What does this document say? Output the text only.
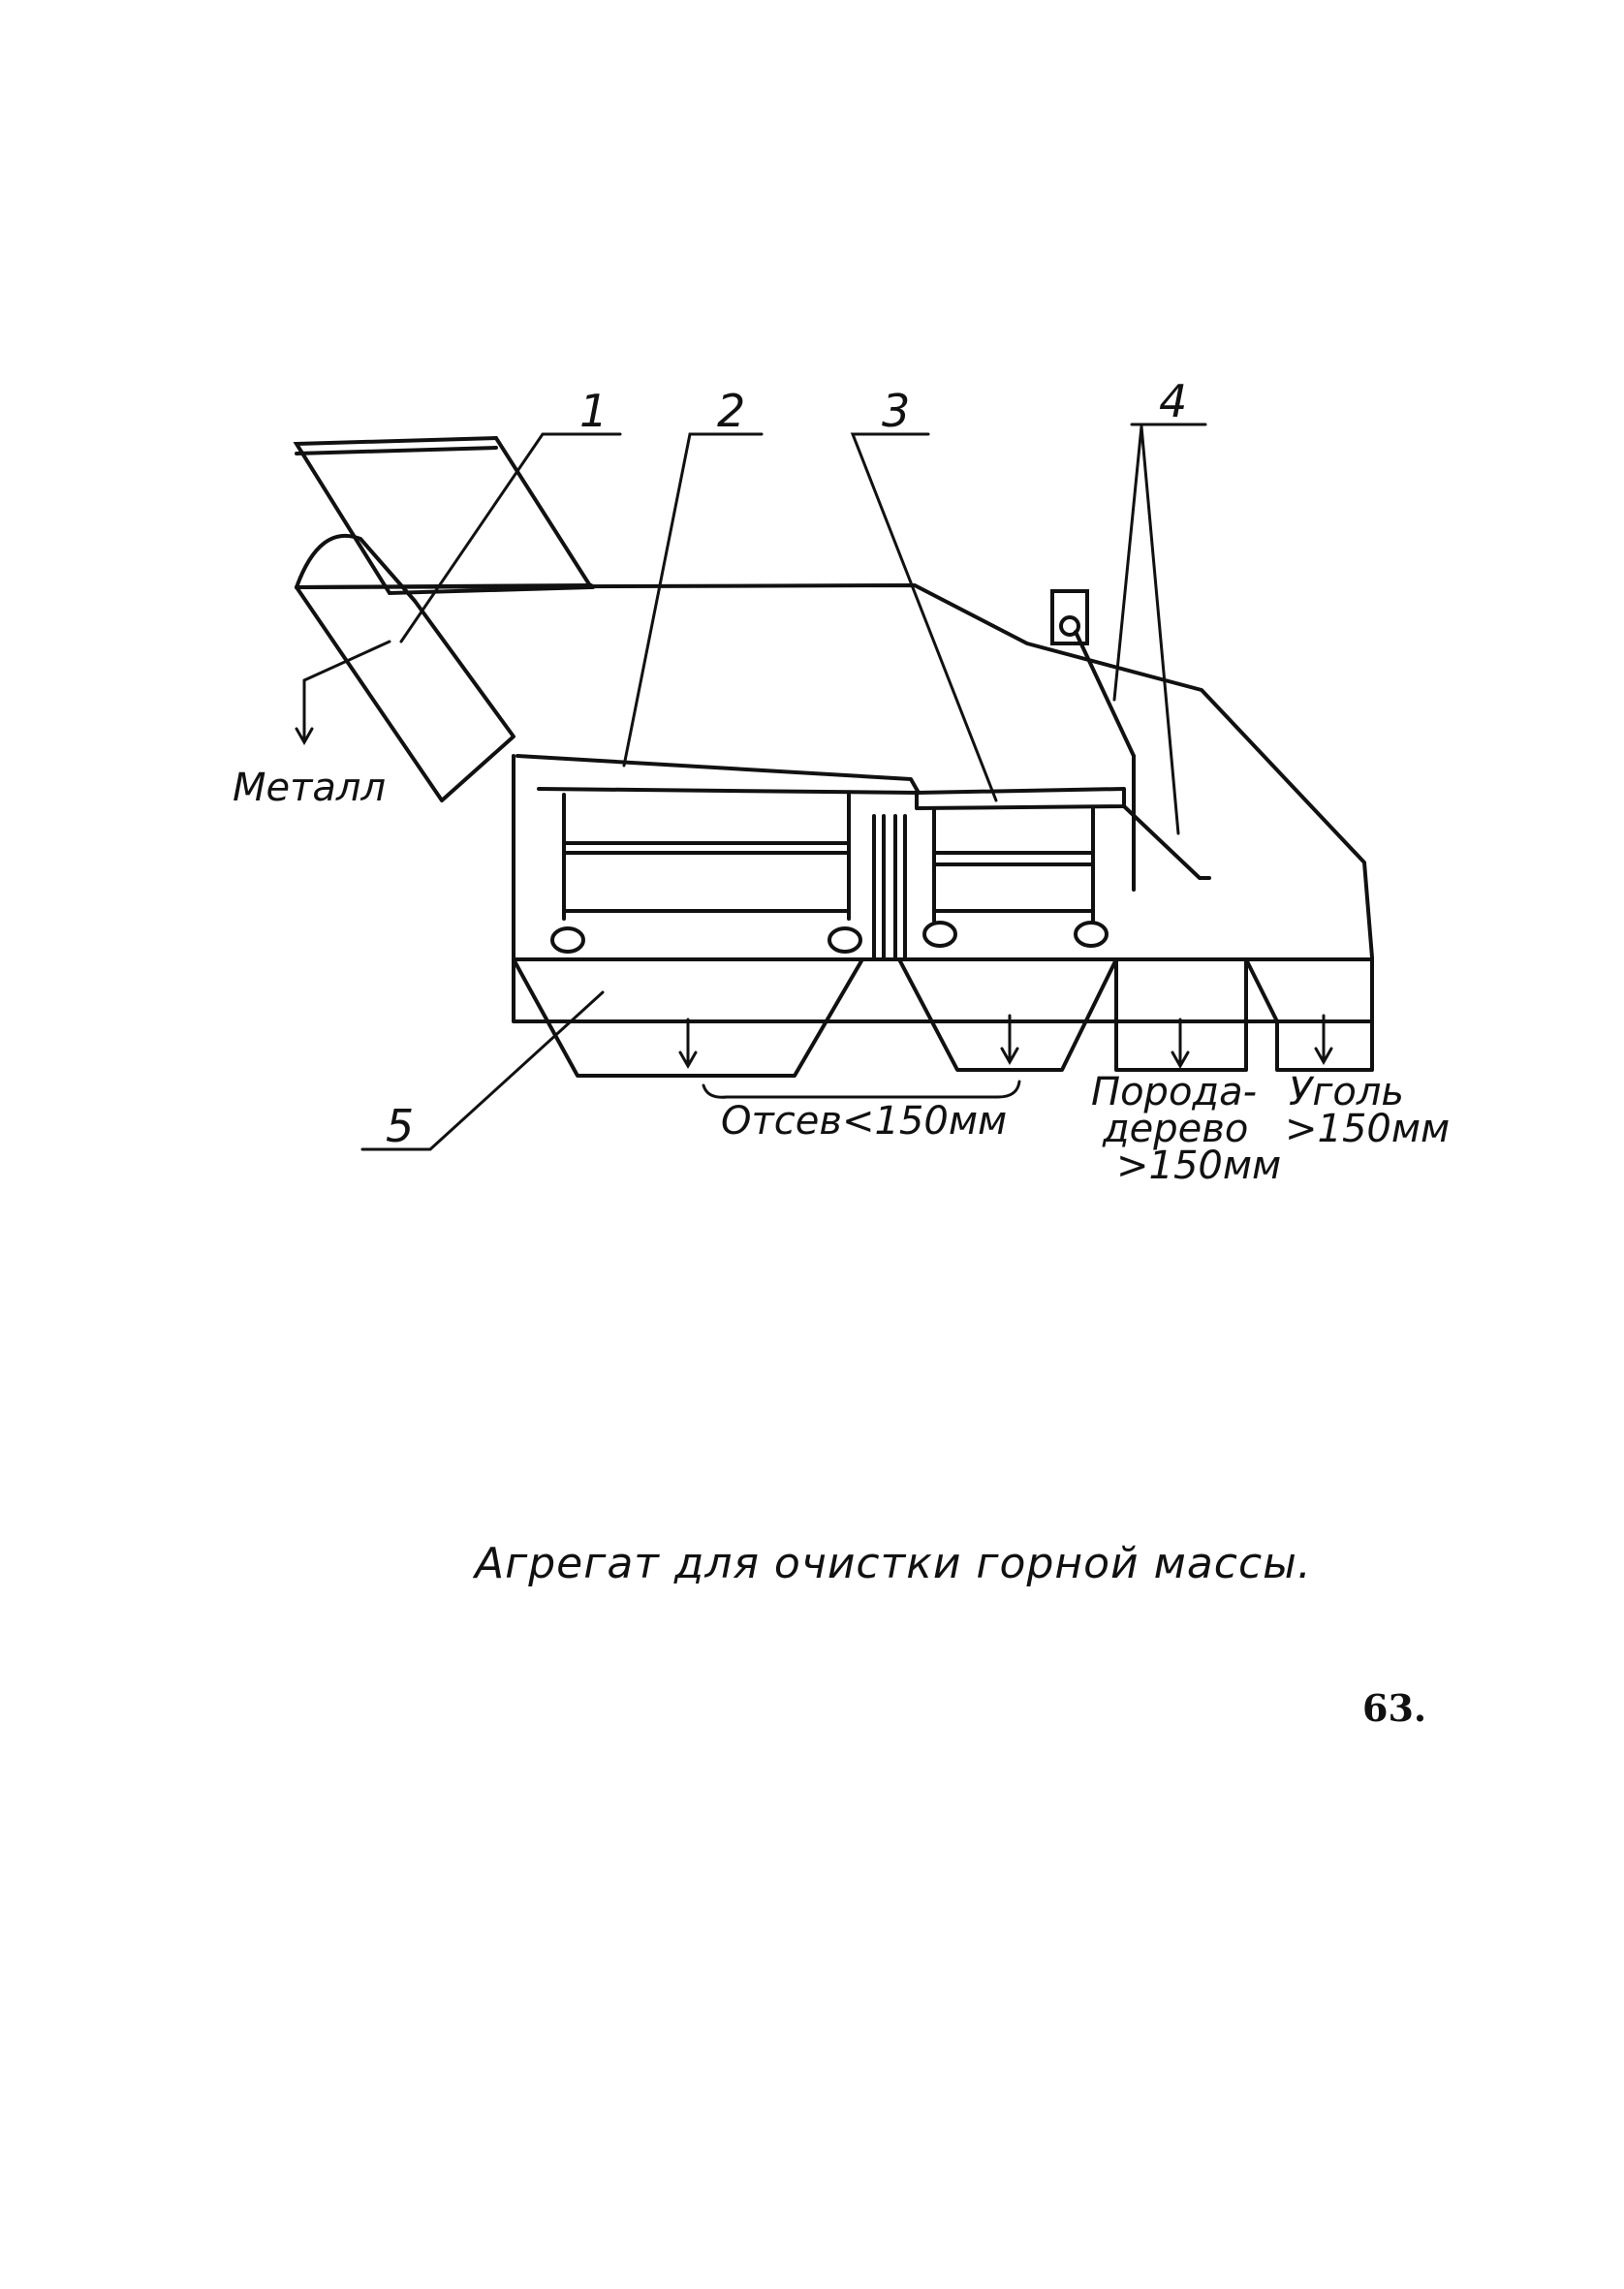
1 2	3	4
5
Металл
Отсев<150мм
Порода-
дерево
>150мм
Уголь
>150мм
Агрегат для очистки горной массы.
63.
